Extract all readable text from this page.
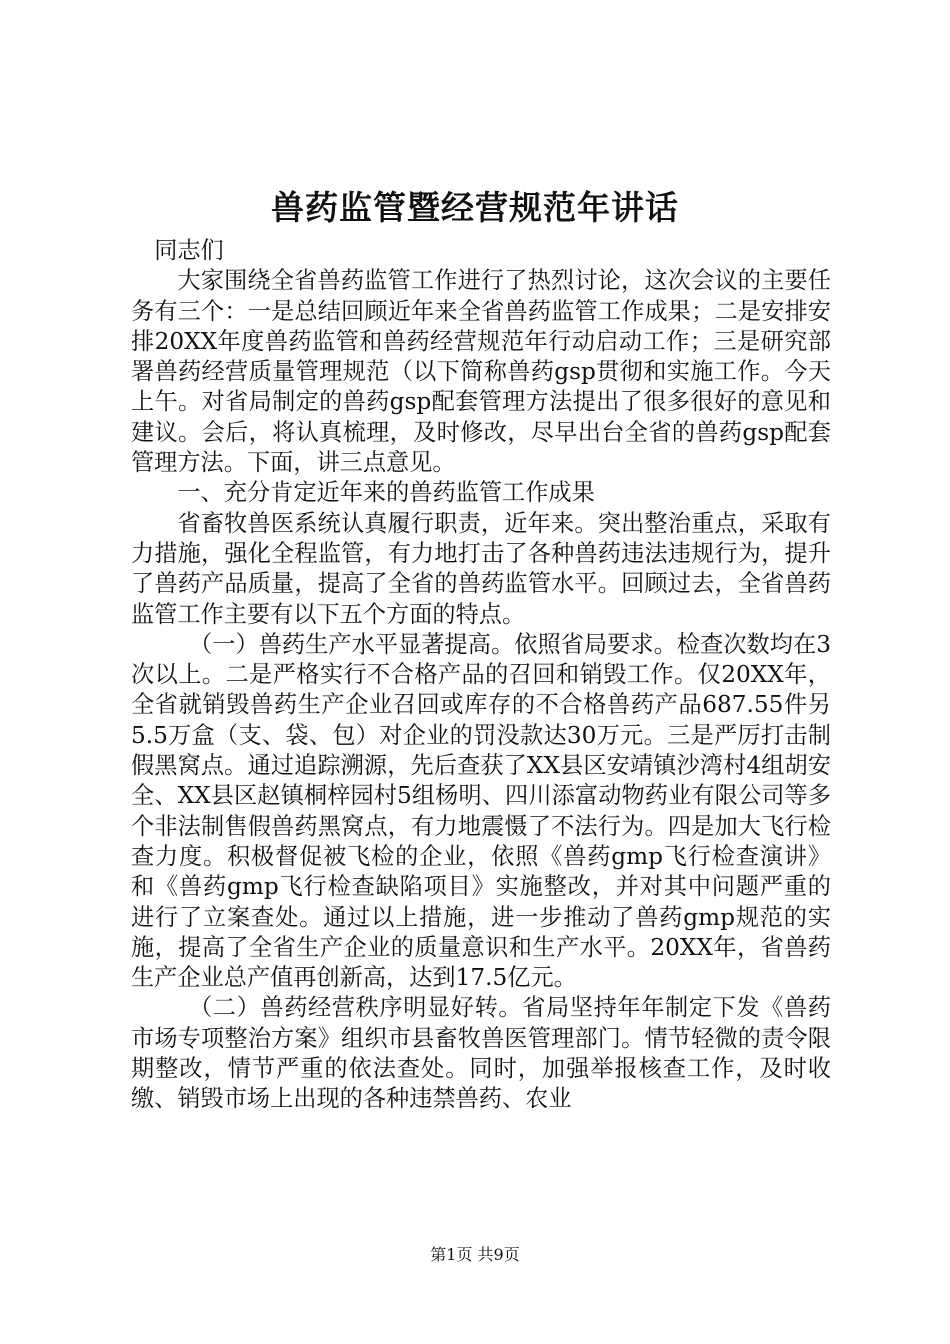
兽药监管暨经营规范年讲话

同志们

大家围绕全省兽药监管工作进行了热烈讨论，这次会议的主要任务有三个：一是总结回顾近年来全省兽药监管工作成果；二是安排安排20XX年度兽药监管和兽药经营规范年行动启动工作；三是研究部署兽药经营质量管理规范（以下简称兽药gsp贯彻和实施工作。今天上午。对省局制定的兽药gsp配套管理方法提出了很多很好的意见和建议。会后，将认真梳理，及时修改，尽早出台全省的兽药gsp配套管理方法。下面，讲三点意见。

一、充分肯定近年来的兽药监管工作成果

省畜牧兽医系统认真履行职责，近年来。突出整治重点，采取有力措施，强化全程监管，有力地打击了各种兽药违法违规行为，提升了兽药产品质量，提高了全省的兽药监管水平。回顾过去，全省兽药监管工作主要有以下五个方面的特点。

（一）兽药生产水平显著提高。依照省局要求。检查次数均在3次以上。二是严格实行不合格产品的召回和销毁工作。仅20XX年，全省就销毁兽药生产企业召回或库存的不合格兽药产品687.55件另5.5万盒（支、袋、包）对企业的罚没款达30万元。三是严厉打击制假黑窝点。通过追踪溯源，先后查获了XX县区安靖镇沙湾村4组胡安全、XX县区赵镇桐梓园村5组杨明、四川添富动物药业有限公司等多个非法制售假兽药黑窝点，有力地震慑了不法行为。四是加大飞行检查力度。积极督促被飞检的企业，依照《兽药gmp飞行检查演讲》和《兽药gmp飞行检查缺陷项目》实施整改，并对其中问题严重的进行了立案查处。通过以上措施，进一步推动了兽药gmp规范的实施，提高了全省生产企业的质量意识和生产水平。20XX年，省兽药生产企业总产值再创新高，达到17.5亿元。

（二）兽药经营秩序明显好转。省局坚持年年制定下发《兽药市场专项整治方案》组织市县畜牧兽医管理部门。情节轻微的责令限期整改，情节严重的依法查处。同时，加强举报核查工作，及时收缴、销毁市场上出现的各种违禁兽药、农业

第1页 共9页
